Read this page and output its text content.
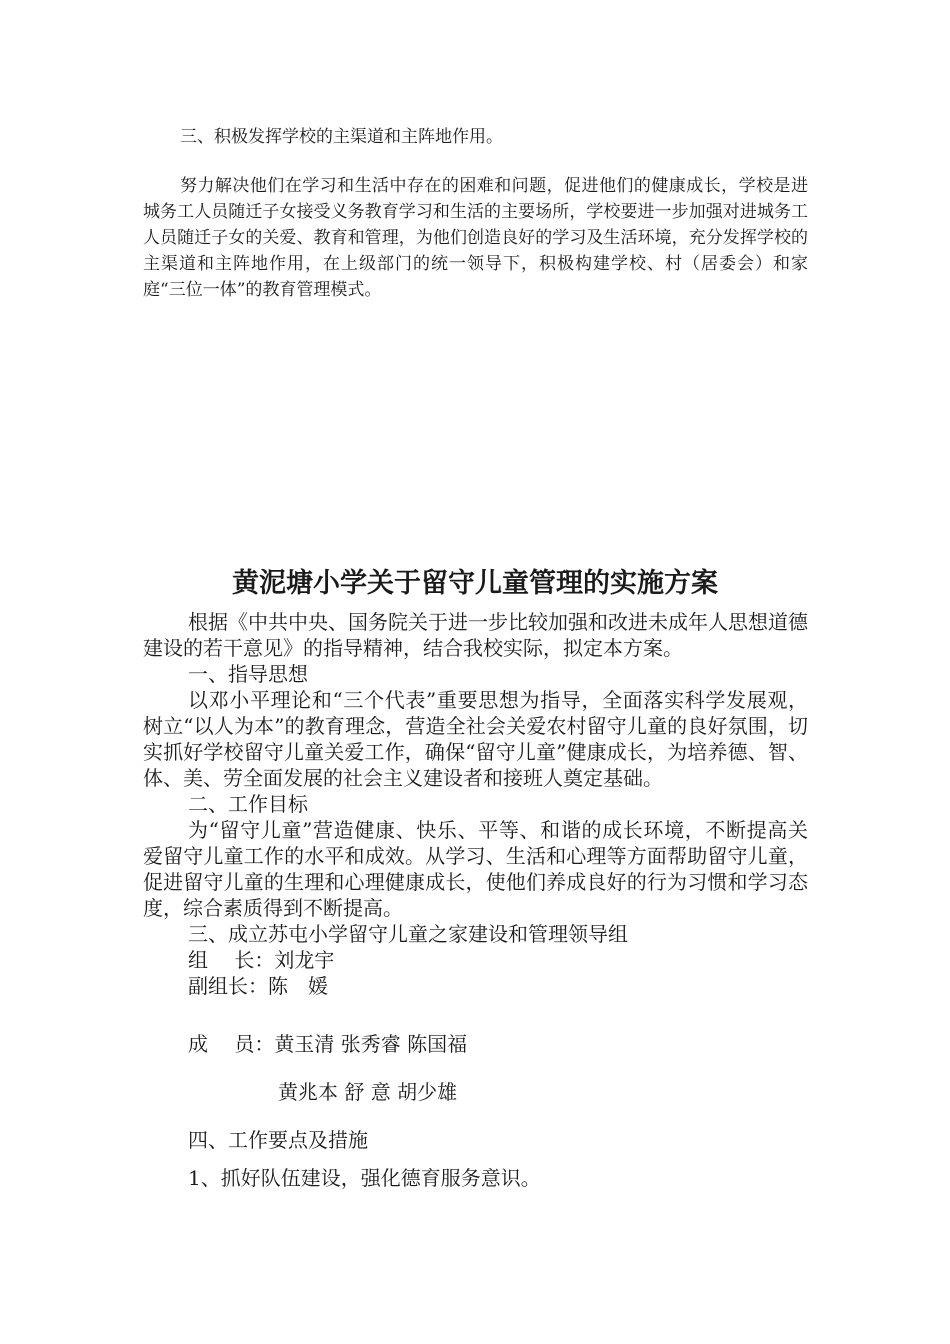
三、积极发挥学校的主渠道和主阵地作用。

努力解决他们在学习和生活中存在的困难和问题，促进他们的健康成长，学校是进城务工人员随迁子女接受义务教育学习和生活的主要场所，学校要进一步加强对进城务工人员随迁子女的关爱、教育和管理，为他们创造良好的学习及生活环境，充分发挥学校的主渠道和主阵地作用，在上级部门的统一领导下，积极构建学校、村（居委会）和家庭“三位一体”的教育管理模式。

黄泥塘小学关于留守儿童管理的实施方案

根据《中共中央、国务院关于进一步比较加强和改进未成年人思想道德建设的若干意见》的指导精神，结合我校实际，拟定本方案。

一、指导思想

以邓小平理论和“三个代表”重要思想为指导，全面落实科学发展观，树立“以人为本”的教育理念，营造全社会关爱农村留守儿童的良好氛围，切实抓好学校留守儿童关爱工作，确保“留守儿童”健康成长，为培养德、智、体、美、劳全面发展的社会主义建设者和接班人奠定基础。

二、工作目标

为“留守儿童”营造健康、快乐、平等、和谐的成长环境，不断提高关爱留守儿童工作的水平和成效。从学习、生活和心理等方面帮助留守儿童，促进留守儿童的生理和心理健康成长，使他们养成良好的行为习惯和学习态度，综合素质得到不断提高。

三、成立苏屯小学留守儿童之家建设和管理领导组

组　 长：刘龙宇

副组长：陈　媛

成　 员：黄玉清 张秀睿 陈国福
黄兆本 舒 意 胡少雄
四、工作要点及措施
1、抓好队伍建设，强化德育服务意识。
